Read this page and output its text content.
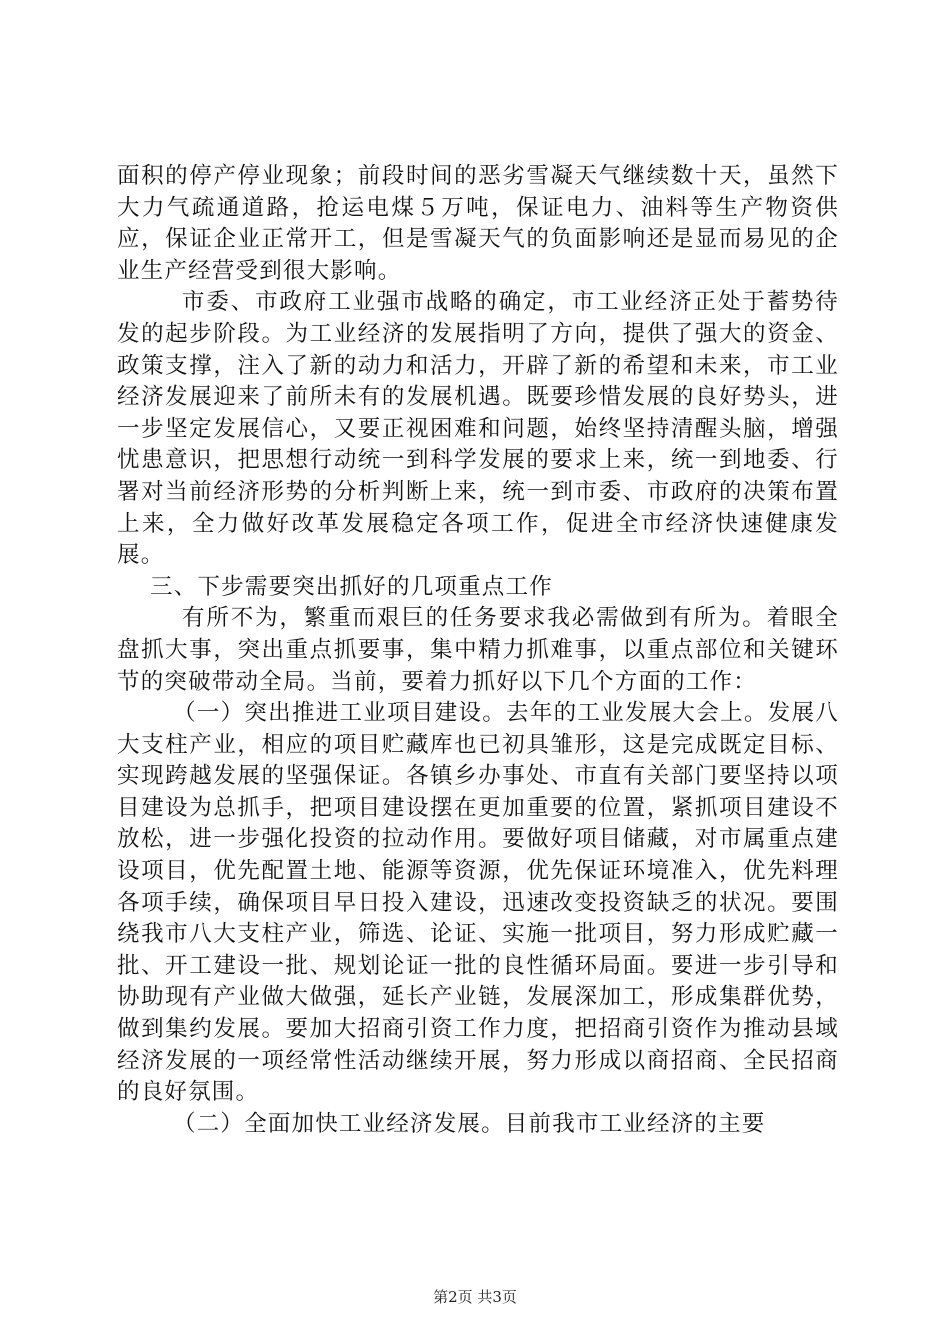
面积的停产停业现象；前段时间的恶劣雪凝天气继续数十天，虽然下大力气疏通道路，抢运电煤５万吨，保证电力、油料等生产物资供应，保证企业正常开工，但是雪凝天气的负面影响还是显而易见的企业生产经营受到很大影响。

市委、市政府工业强市战略的确定，市工业经济正处于蓄势待发的起步阶段。为工业经济的发展指明了方向，提供了强大的资金、政策支撑，注入了新的动力和活力，开辟了新的希望和未来，市工业经济发展迎来了前所未有的发展机遇。既要珍惜发展的良好势头，进一步坚定发展信心，又要正视困难和问题，始终坚持清醒头脑，增强忧患意识，把思想行动统一到科学发展的要求上来，统一到地委、行署对当前经济形势的分析判断上来，统一到市委、市政府的决策布置上来，全力做好改革发展稳定各项工作，促进全市经济快速健康发展。

三、下步需要突出抓好的几项重点工作

有所不为，繁重而艰巨的任务要求我必需做到有所为。着眼全盘抓大事，突出重点抓要事，集中精力抓难事，以重点部位和关键环节的突破带动全局。当前，要着力抓好以下几个方面的工作：

（一）突出推进工业项目建设。去年的工业发展大会上。发展八大支柱产业，相应的项目贮藏库也已初具雏形，这是完成既定目标、实现跨越发展的坚强保证。各镇乡办事处、市直有关部门要坚持以项目建设为总抓手，把项目建设摆在更加重要的位置，紧抓项目建设不放松，进一步强化投资的拉动作用。要做好项目储藏，对市属重点建设项目，优先配置土地、能源等资源，优先保证环境准入，优先料理各项手续，确保项目早日投入建设，迅速改变投资缺乏的状况。要围绕我市八大支柱产业，筛选、论证、实施一批项目，努力形成贮藏一批、开工建设一批、规划论证一批的良性循环局面。要进一步引导和协助现有产业做大做强，延长产业链，发展深加工，形成集群优势，做到集约发展。要加大招商引资工作力度，把招商引资作为推动县域经济发展的一项经常性活动继续开展，努力形成以商招商、全民招商的良好氛围。

（二）全面加快工业经济发展。目前我市工业经济的主要

第2页 共3页
